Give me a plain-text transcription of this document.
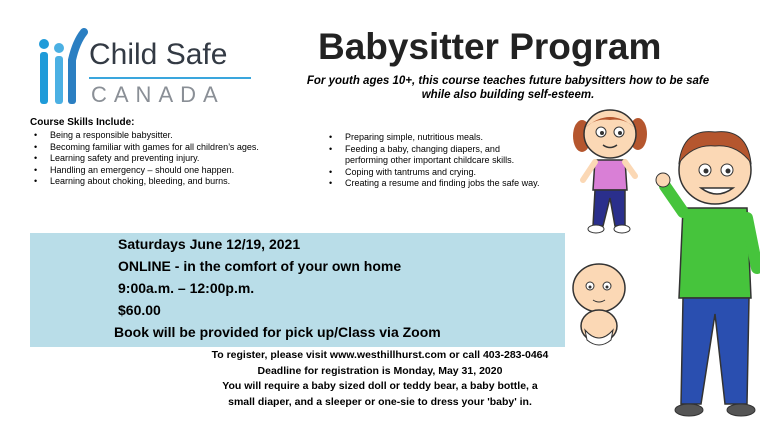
Child Safe
CANADA
Babysitter Program
For youth ages 10+, this course teaches future babysitters how to be safe
while also building self-esteem.
Course Skills Include:
• Being a responsible babysitter.
• Becoming familiar with games for all children’s ages.
• Learning safety and preventing injury.
• Handling an emergency – should one happen.
• Learning about choking, bleeding, and burns.
• Preparing simple, nutritious meals.
• Feeding a baby, changing diapers, and performing other important childcare skills.
• Coping with tantrums and crying.
• Creating a resume and finding jobs the safe way.
Saturdays June 12/19, 2021
ONLINE - in the comfort of your own home
9:00a.m. – 12:00p.m.
$60.00
Book will be provided for pick up/Class via Zoom
To register, please visit www.westhillhurst.com or call 403-283-0464
Deadline for registration is Monday, May 31, 2020
You will require a baby sized doll or teddy bear, a baby bottle, a
small diaper, and a sleeper or one-sie to dress your 'baby' in.
